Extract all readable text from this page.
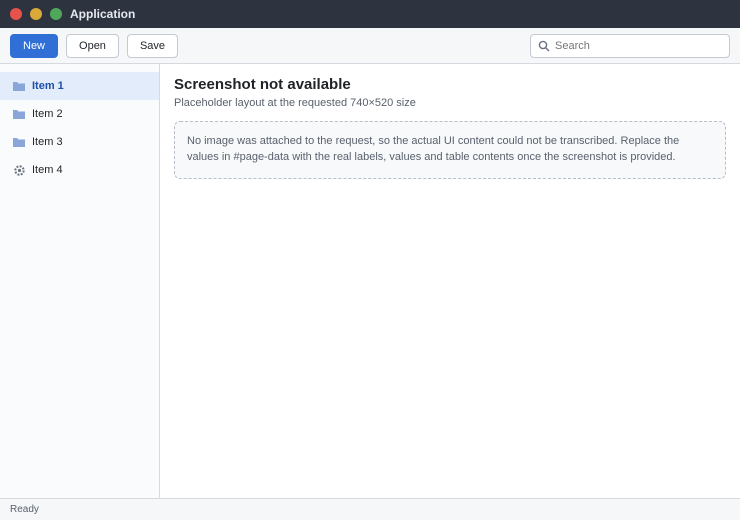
Application
New	Open	Save
Search
Item 1
Item 2
Item 3
Item 4
Screenshot not available
Placeholder layout at the requested 740×520 size
No image was attached to the request, so the actual UI content could not be transcribed. Replace the values in #page-data with the real labels, values and table contents once the screenshot is provided.
Ready
